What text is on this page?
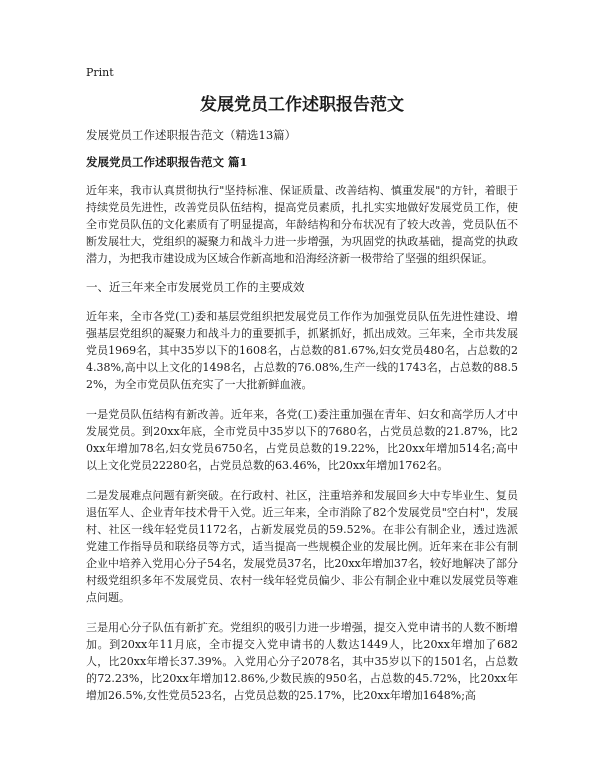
Print
发展党员工作述职报告范文
发展党员工作述职报告范文（精选13篇）
发展党员工作述职报告范文 篇1

近年来，我市认真贯彻执行"坚持标准、保证质量、改善结构、慎重发展"的方针，着眼于持续党员先进性，改善党员队伍结构，提高党员素质，扎扎实实地做好发展党员工作，使全市党员队伍的文化素质有了明显提高，年龄结构和分布状况有了较大改善，党员队伍不断发展壮大，党组织的凝聚力和战斗力进一步增强，为巩固党的执政基础，提高党的执政潜力，为把我市建设成为区域合作新高地和沿海经济新一极带给了坚强的组织保证。

一、近三年来全市发展党员工作的主要成效

近年来，全市各党(工)委和基层党组织把发展党员工作作为加强党员队伍先进性建设、增强基层党组织的凝聚力和战斗力的重要抓手，抓紧抓好，抓出成效。三年来，全市共发展党员1969名，其中35岁以下的1608名，占总数的81.67%,妇女党员480名，占总数的24.38%,高中以上文化的1498名，占总数的76.08%,生产一线的1743名，占总数的88.52%，为全市党员队伍充实了一大批新鲜血液。

一是党员队伍结构有新改善。近年来，各党(工)委注重加强在青年、妇女和高学历人才中发展党员。到20xx年底，全市党员中35岁以下的7680名，占党员总数的21.87%，比20xx年增加78名,妇女党员6750名，占党员总数的19.22%，比20xx年增加514名;高中以上文化党员22280名，占党员总数的63.46%，比20xx年增加1762名。

二是发展难点问题有新突破。在行政村、社区，注重培养和发展回乡大中专毕业生、复员退伍军人、企业青年技术骨干入党。近三年来，全市消除了82个发展党员"空白村"，发展村、社区一线年轻党员1172名，占新发展党员的59.52%。在非公有制企业，透过选派党建工作指导员和联络员等方式，适当提高一些规模企业的发展比例。近年来在非公有制企业中培养入党用心分子54名，发展党员37名，比20xx年增加37名，较好地解决了部分村级党组织多年不发展党员、农村一线年轻党员偏少、非公有制企业中难以发展党员等难点问题。

三是用心分子队伍有新扩充。党组织的吸引力进一步增强，提交入党申请书的人数不断增加。到20xx年11月底，全市提交入党申请书的人数达1449人，比20xx年增加了682人，比20xx年增长37.39%。入党用心分子2078名，其中35岁以下的1501名，占总数的72.23%，比20xx年增加12.86%,少数民族的950名，占总数的45.72%，比20xx年增加26.5%,女性党员523名，占党员总数的25.17%，比20xx年增加1648%;高
